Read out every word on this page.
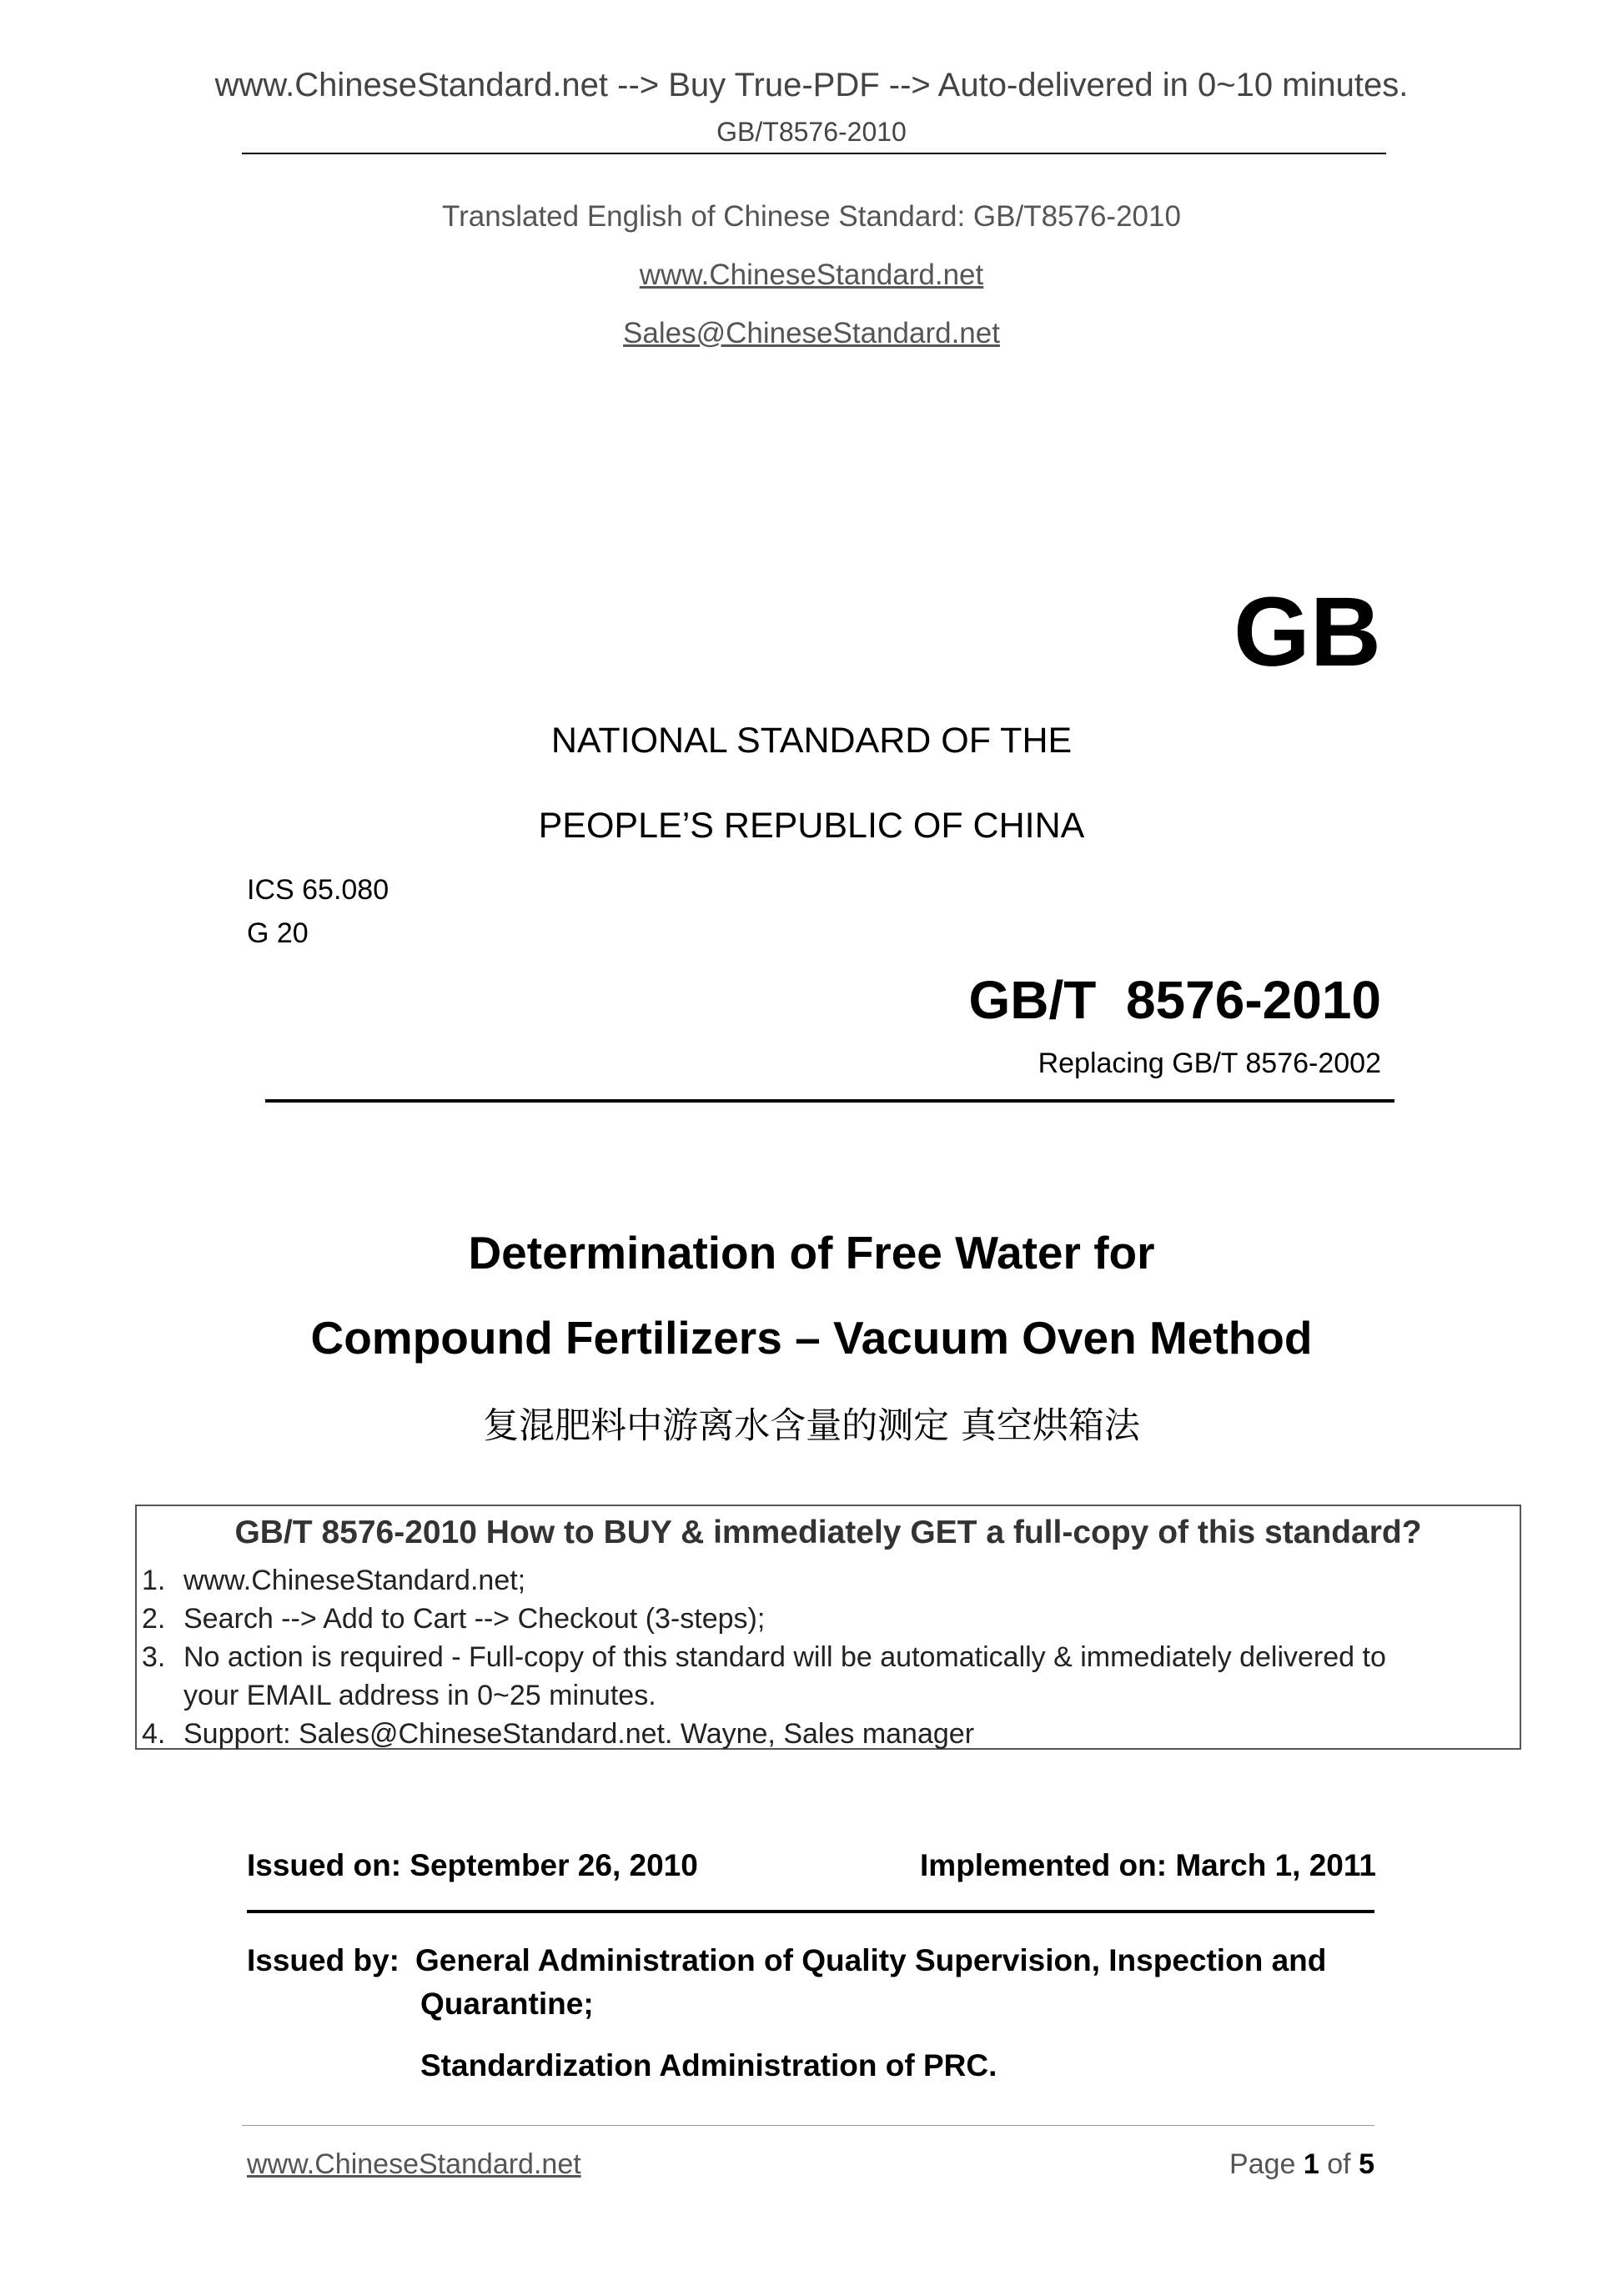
www.ChineseStandard.net --> Buy True-PDF --> Auto-delivered in 0~10 minutes.
GB/T8576-2010
Translated English of Chinese Standard: GB/T8576-2010
www.ChineseStandard.net
Sales@ChineseStandard.net
GB
NATIONAL STANDARD OF THE
PEOPLE’S REPUBLIC OF CHINA
ICS 65.080
G 20
GB/T  8576-2010
Replacing GB/T 8576-2002
Determination of Free Water for
Compound Fertilizers – Vacuum Oven Method
复混肥料中游离水含量的测定 真空烘箱法
GB/T 8576-2010 How to BUY & immediately GET a full-copy of this standard?
1. www.ChineseStandard.net;
2. Search --> Add to Cart --> Checkout (3-steps);
3. No action is required - Full-copy of this standard will be automatically & immediately delivered to
your EMAIL address in 0~25 minutes.
4. Support: Sales@ChineseStandard.net. Wayne, Sales manager
Issued on: September 26, 2010	Implemented on: March 1, 2011
Issued by: General Administration of Quality Supervision, Inspection and
Quarantine;
Standardization Administration of PRC.
www.ChineseStandard.net	Page 1 of 5
